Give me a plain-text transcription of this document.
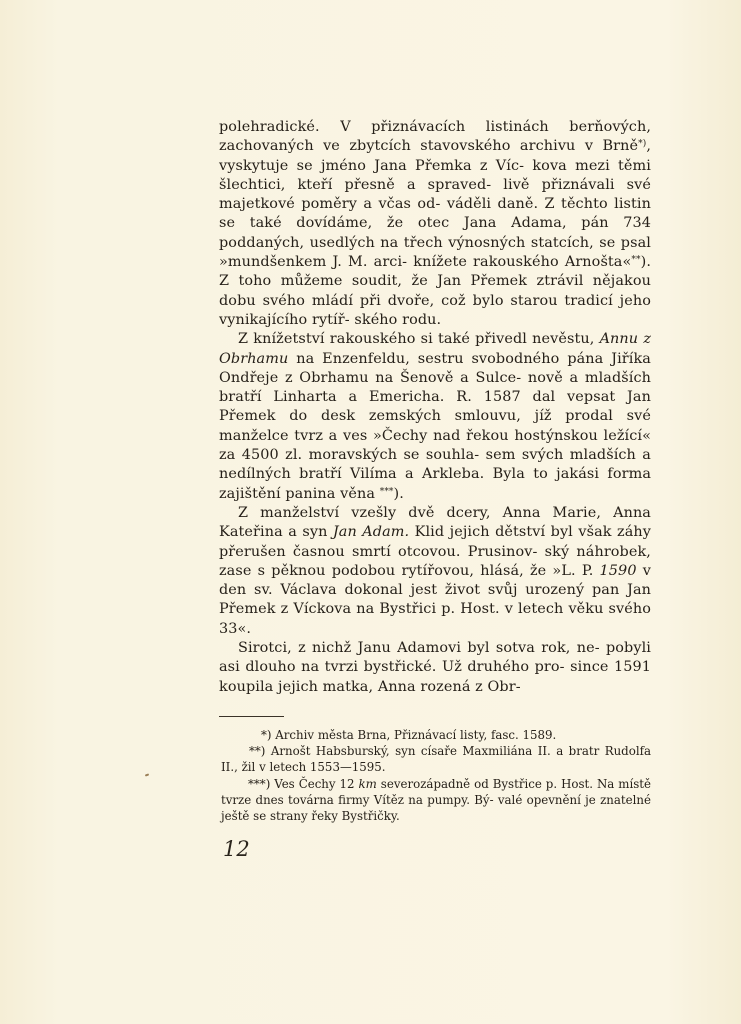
polehradické. V přiznávacích listinách berňových, zachovaných ve zbytcích stavovského archivu v Brně*), vyskytuje se jméno Jana Přemka z Víc- kova mezi těmi šlechtici, kteří přesně a spraved- livě přiznávali své majetkové poměry a včas od- váděli daně. Z těchto listin se také dovídáme, že otec Jana Adama, pán 734 poddaných, usedlých na třech výnosných statcích, se psal »mundšenkem J. M. arci- knížete rakouského Arnošta«**). Z toho můžeme soudit, že Jan Přemek ztrávil nějakou dobu svého mládí při dvoře, což bylo starou tradicí jeho vynikajícího rytíř- ského rodu.

Z knížetství rakouského si také přivedl nevěstu, Annu z Obrhamu na Enzenfeldu, sestru svobodného pána Jiříka Ondřeje z Obrhamu na Šenově a Sulce- nově a mladších bratří Linharta a Emericha. R. 1587 dal vepsat Jan Přemek do desk zemských smlouvu, jíž prodal své manželce tvrz a ves »Čechy nad řekou hostýnskou ležící« za 4500 zl. moravských se souhla- sem svých mladších a nedílných bratří Vilíma a Arkleba. Byla to jakási forma zajištění panina věna ***).

Z manželství vzešly dvě dcery, Anna Marie, Anna Kateřina a syn Jan Adam. Klid jejich dětství byl však záhy přerušen časnou smrtí otcovou. Prusinov- ský náhrobek, zase s pěknou podobou rytířovou, hlásá, že »L. P. 1590 v den sv. Václava dokonal jest život svůj urozený pan Jan Přemek z Víckova na Bystřici p. Host. v letech věku svého 33«.

Sirotci, z nichž Janu Adamovi byl sotva rok, ne- pobyli asi dlouho na tvrzi bystřické. Už druhého pro- since 1591 koupila jejich matka, Anna rozená z Obr-

*) Archiv města Brna, Přiznávací listy, fasc. 1589.

**) Arnošt Habsburský, syn císaře Maxmiliána II. a bratr Rudolfa II., žil v letech 1553—1595.

***) Ves Čechy 12 km severozápadně od Bystřice p. Host. Na místě tvrze dnes továrna firmy Vítěz na pumpy. Bý- valé opevnění je znatelné ještě se strany řeky Bystřičky.

12
